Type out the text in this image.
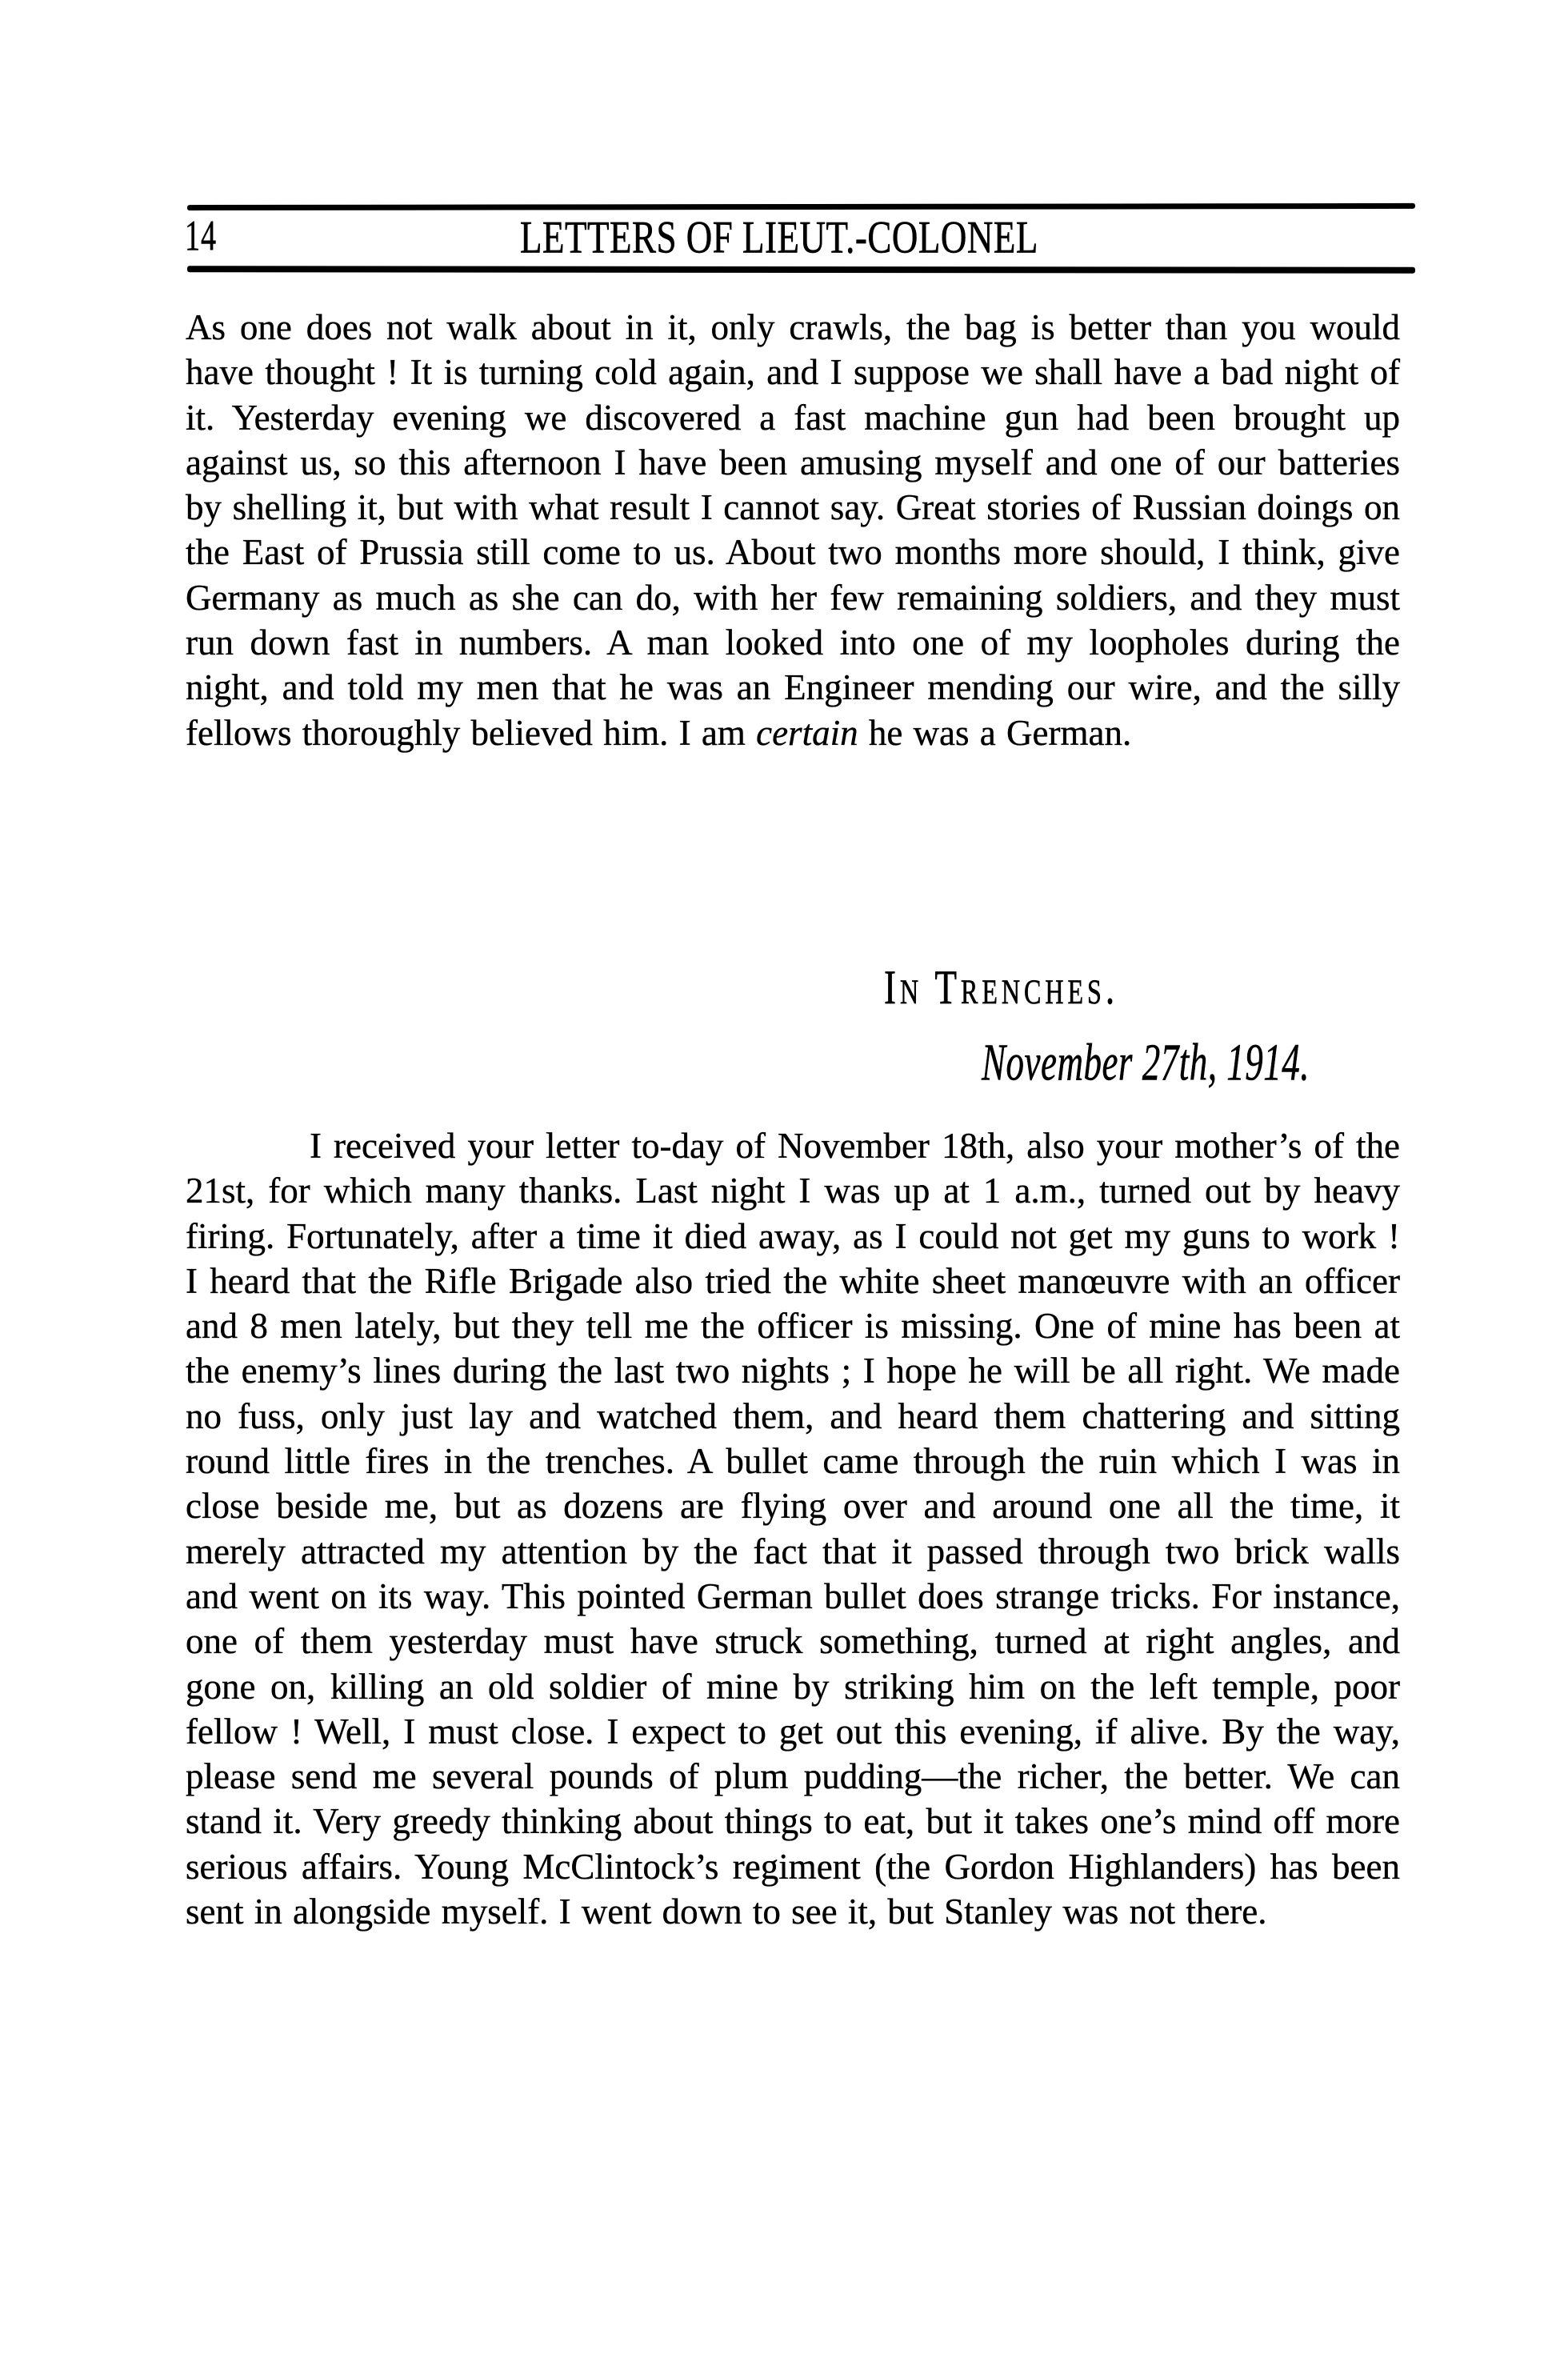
14	LETTERS OF LIEUT.-COLONEL

As one does not walk about in it, only crawls, the bag is better than you would have thought ! It is turning cold again, and I suppose we shall have a bad night of it. Yesterday evening we discovered a fast machine gun had been brought up against us, so this afternoon I have been amusing myself and one of our batteries by shelling it, but with what result I cannot say. Great stories of Russian doings on the East of Prussia still come to us. About two months more should, I think, give Germany as much as she can do, with her few remaining soldiers, and they must run down fast in numbers. A man looked into one of my loopholes during the night, and told my men that he was an Engineer mending our wire, and the silly fellows thoroughly believed him. I am certain he was a German.

In Trenches.
November 27th, 1914.

I received your letter to-day of November 18th, also your mother’s of the 21st, for which many thanks. Last night I was up at 1 a.m., turned out by heavy firing. Fortunately, after a time it died away, as I could not get my guns to work ! I heard that the Rifle Brigade also tried the white sheet manœuvre with an officer and 8 men lately, but they tell me the officer is missing. One of mine has been at the enemy’s lines during the last two nights ; I hope he will be all right. We made no fuss, only just lay and watched them, and heard them chattering and sitting round little fires in the trenches. A bullet came through the ruin which I was in close beside me, but as dozens are flying over and around one all the time, it merely attracted my attention by the fact that it passed through two brick walls and went on its way. This pointed German bullet does strange tricks. For instance, one of them yesterday must have struck something, turned at right angles, and gone on, killing an old soldier of mine by striking him on the left temple, poor fellow ! Well, I must close. I expect to get out this evening, if alive. By the way, please send me several pounds of plum pudding—the richer, the better. We can stand it. Very greedy thinking about things to eat, but it takes one’s mind off more serious affairs. Young McClintock’s regiment (the Gordon Highlanders) has been sent in alongside myself. I went down to see it, but Stanley was not there.
